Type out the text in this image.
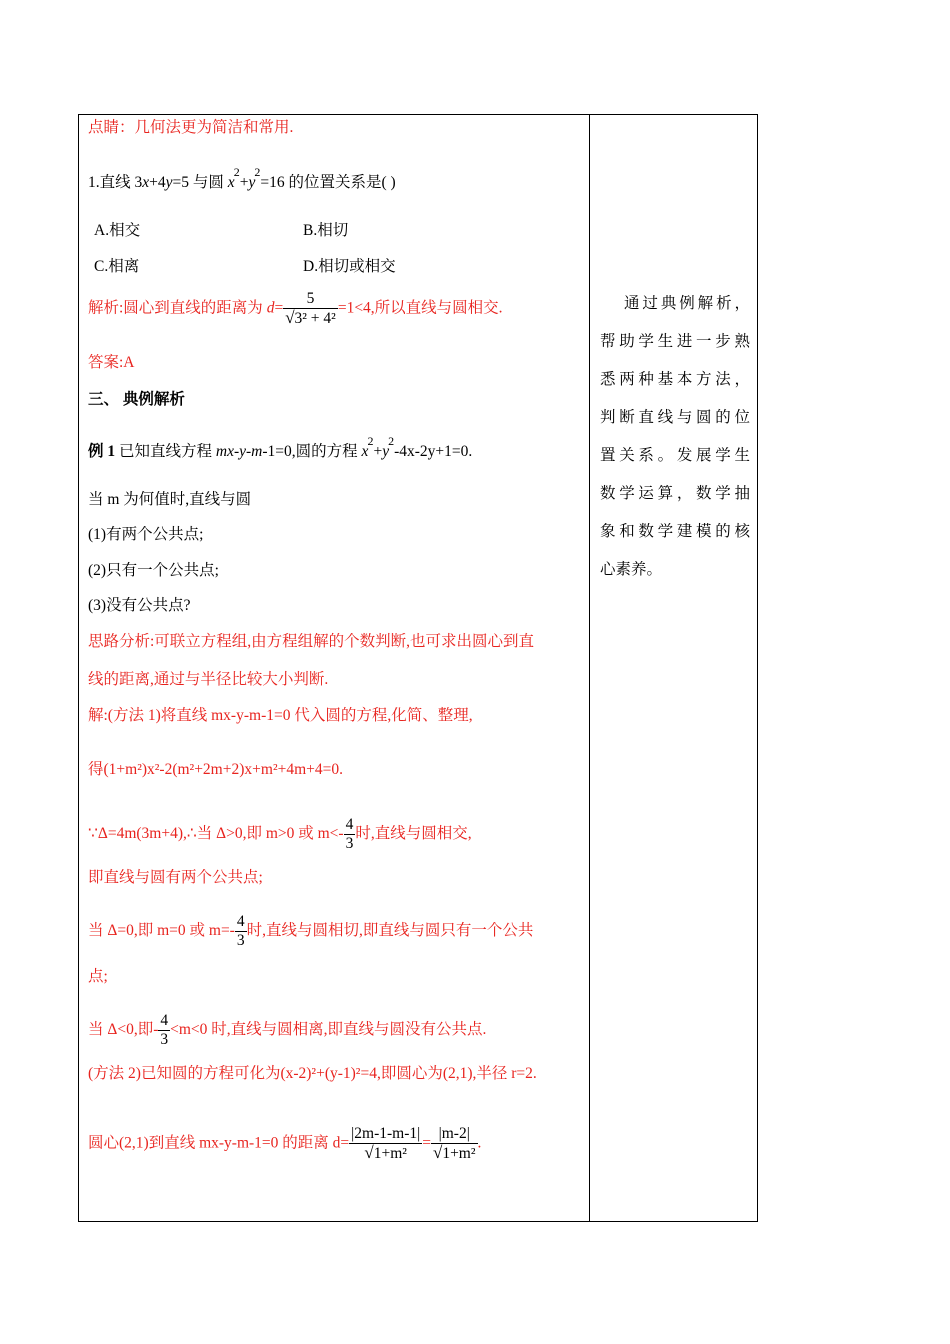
点睛：几何法更为简洁和常用.
1.直线 3x+4y=5 与圆 $x^2+y^2=16$ 的位置关系是( )
A.相交	B.相切
C.相离	D.相切或相交
解析:圆心到直线的距离为 $d= \frac{5}{\text{√3² + 4²}} =1<4$,所以直线与圆相交.
答案:A
三、 典例解析
例 1 已知直线方程 mx-y-m-1=0,圆的方程 $x^2+y^2-4x-2y+1=0$.
当 m 为何值时,直线与圆
(1)有两个公共点;
(2)只有一个公共点;
(3)没有公共点?
思路分析:可联立方程组,由方程组解的个数判断,也可求出圆心到直
线的距离,通过与半径比较大小判断.
解:(方法 1)将直线 mx-y-m-1=0 代入圆的方程,化简、整理,
得(1+m²)x²-2(m²+2m+2)x+m²+4m+4=0.
∵Δ=4m(3m+4),∴当 Δ>0,即 m>0 或 $m<- \frac{4}{3}$ 时,直线与圆相交,
即直线与圆有两个公共点;
当 Δ=0,即 m=0 或 $m=- \frac{4}{3}$ 时,直线与圆相切,即直线与圆只有一个公共
点;
当 Δ<0,即- $\frac{4}{3} <m<0$ 时,直线与圆相离,即直线与圆没有公共点.
(方法 2)已知圆的方程可化为(x-2)²+(y-1)²=4,即圆心为(2,1),半径 r=2.
圆心(2,1)到直线 mx-y-m-1=0 的距离 $d= \frac{|2m-1-m-1|}{\text{√1+m²}} = \frac{|m-2|}{\text{√1+m²}}$ .
通过典例解析，
帮助学生进一步熟
悉两种基本方法，
判断直线与圆的位
置关系。发展学生
数学运算，数学抽
象和数学建模的核
心素养。
